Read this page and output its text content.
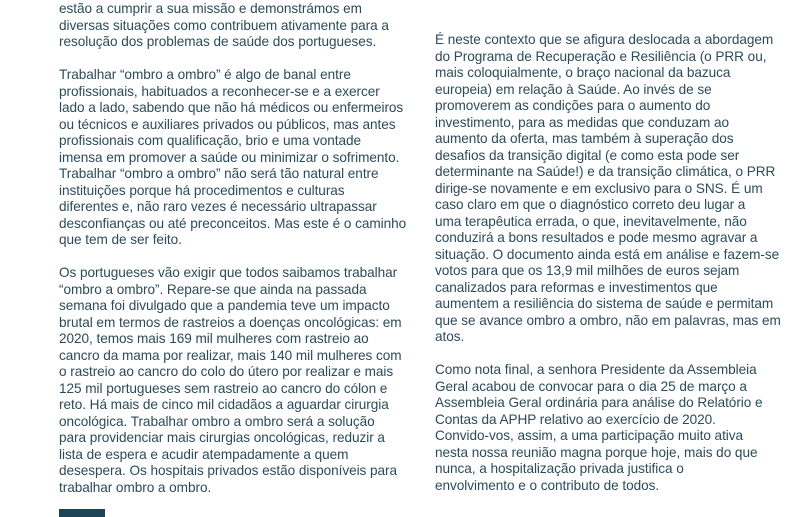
estão a cumprir a sua missão e demonstrámos em
diversas situações como contribuem ativamente para a
resolução dos problemas de saúde dos portugueses.

Trabalhar “ombro a ombro” é algo de banal entre
profissionais, habituados a reconhecer-se e a exercer
lado a lado, sabendo que não há médicos ou enfermeiros
ou técnicos e auxiliares privados ou públicos, mas antes
profissionais com qualificação, brio e uma vontade
imensa em promover a saúde ou minimizar o sofrimento.
Trabalhar “ombro a ombro” não será tão natural entre
instituições porque há procedimentos e culturas
diferentes e, não raro vezes é necessário ultrapassar
desconfianças ou até preconceitos. Mas este é o caminho
que tem de ser feito.

Os portugueses vão exigir que todos saibamos trabalhar
“ombro a ombro”. Repare-se que ainda na passada
semana foi divulgado que a pandemia teve um impacto
brutal em termos de rastreios a doenças oncológicas: em
2020, temos mais 169 mil mulheres com rastreio ao
cancro da mama por realizar, mais 140 mil mulheres com
o rastreio ao cancro do colo do útero por realizar e mais
125 mil portugueses sem rastreio ao cancro do cólon e
reto. Há mais de cinco mil cidadãos a aguardar cirurgia
oncológica. Trabalhar ombro a ombro será a solução
para providenciar mais cirurgias oncológicas, reduzir a
lista de espera e acudir atempadamente a quem
desespera. Os hospitais privados estão disponíveis para
trabalhar ombro a ombro.

É neste contexto que se afigura deslocada a abordagem
do Programa de Recuperação e Resiliência (o PRR ou,
mais coloquialmente, o braço nacional da bazuca
europeia) em relação à Saúde. Ao invés de se
promoverem as condições para o aumento do
investimento, para as medidas que conduzam ao
aumento da oferta, mas também à superação dos
desafios da transição digital (e como esta pode ser
determinante na Saúde!) e da transição climática, o PRR
dirige-se novamente e em exclusivo para o SNS. É um
caso claro em que o diagnóstico correto deu lugar a
uma terapêutica errada, o que, inevitavelmente, não
conduzirá a bons resultados e pode mesmo agravar a
situação. O documento ainda está em análise e fazem-se
votos para que os 13,9 mil milhões de euros sejam
canalizados para reformas e investimentos que
aumentem a resiliência do sistema de saúde e permitam
que se avance ombro a ombro, não em palavras, mas em
atos.

Como nota final, a senhora Presidente da Assembleia
Geral acabou de convocar para o dia 25 de março a
Assembleia Geral ordinária para análise do Relatório e
Contas da APHP relativo ao exercício de 2020.
Convido-vos, assim, a uma participação muito ativa
nesta nossa reunião magna porque hoje, mais do que
nunca, a hospitalização privada justifica o
envolvimento e o contributo de todos.
